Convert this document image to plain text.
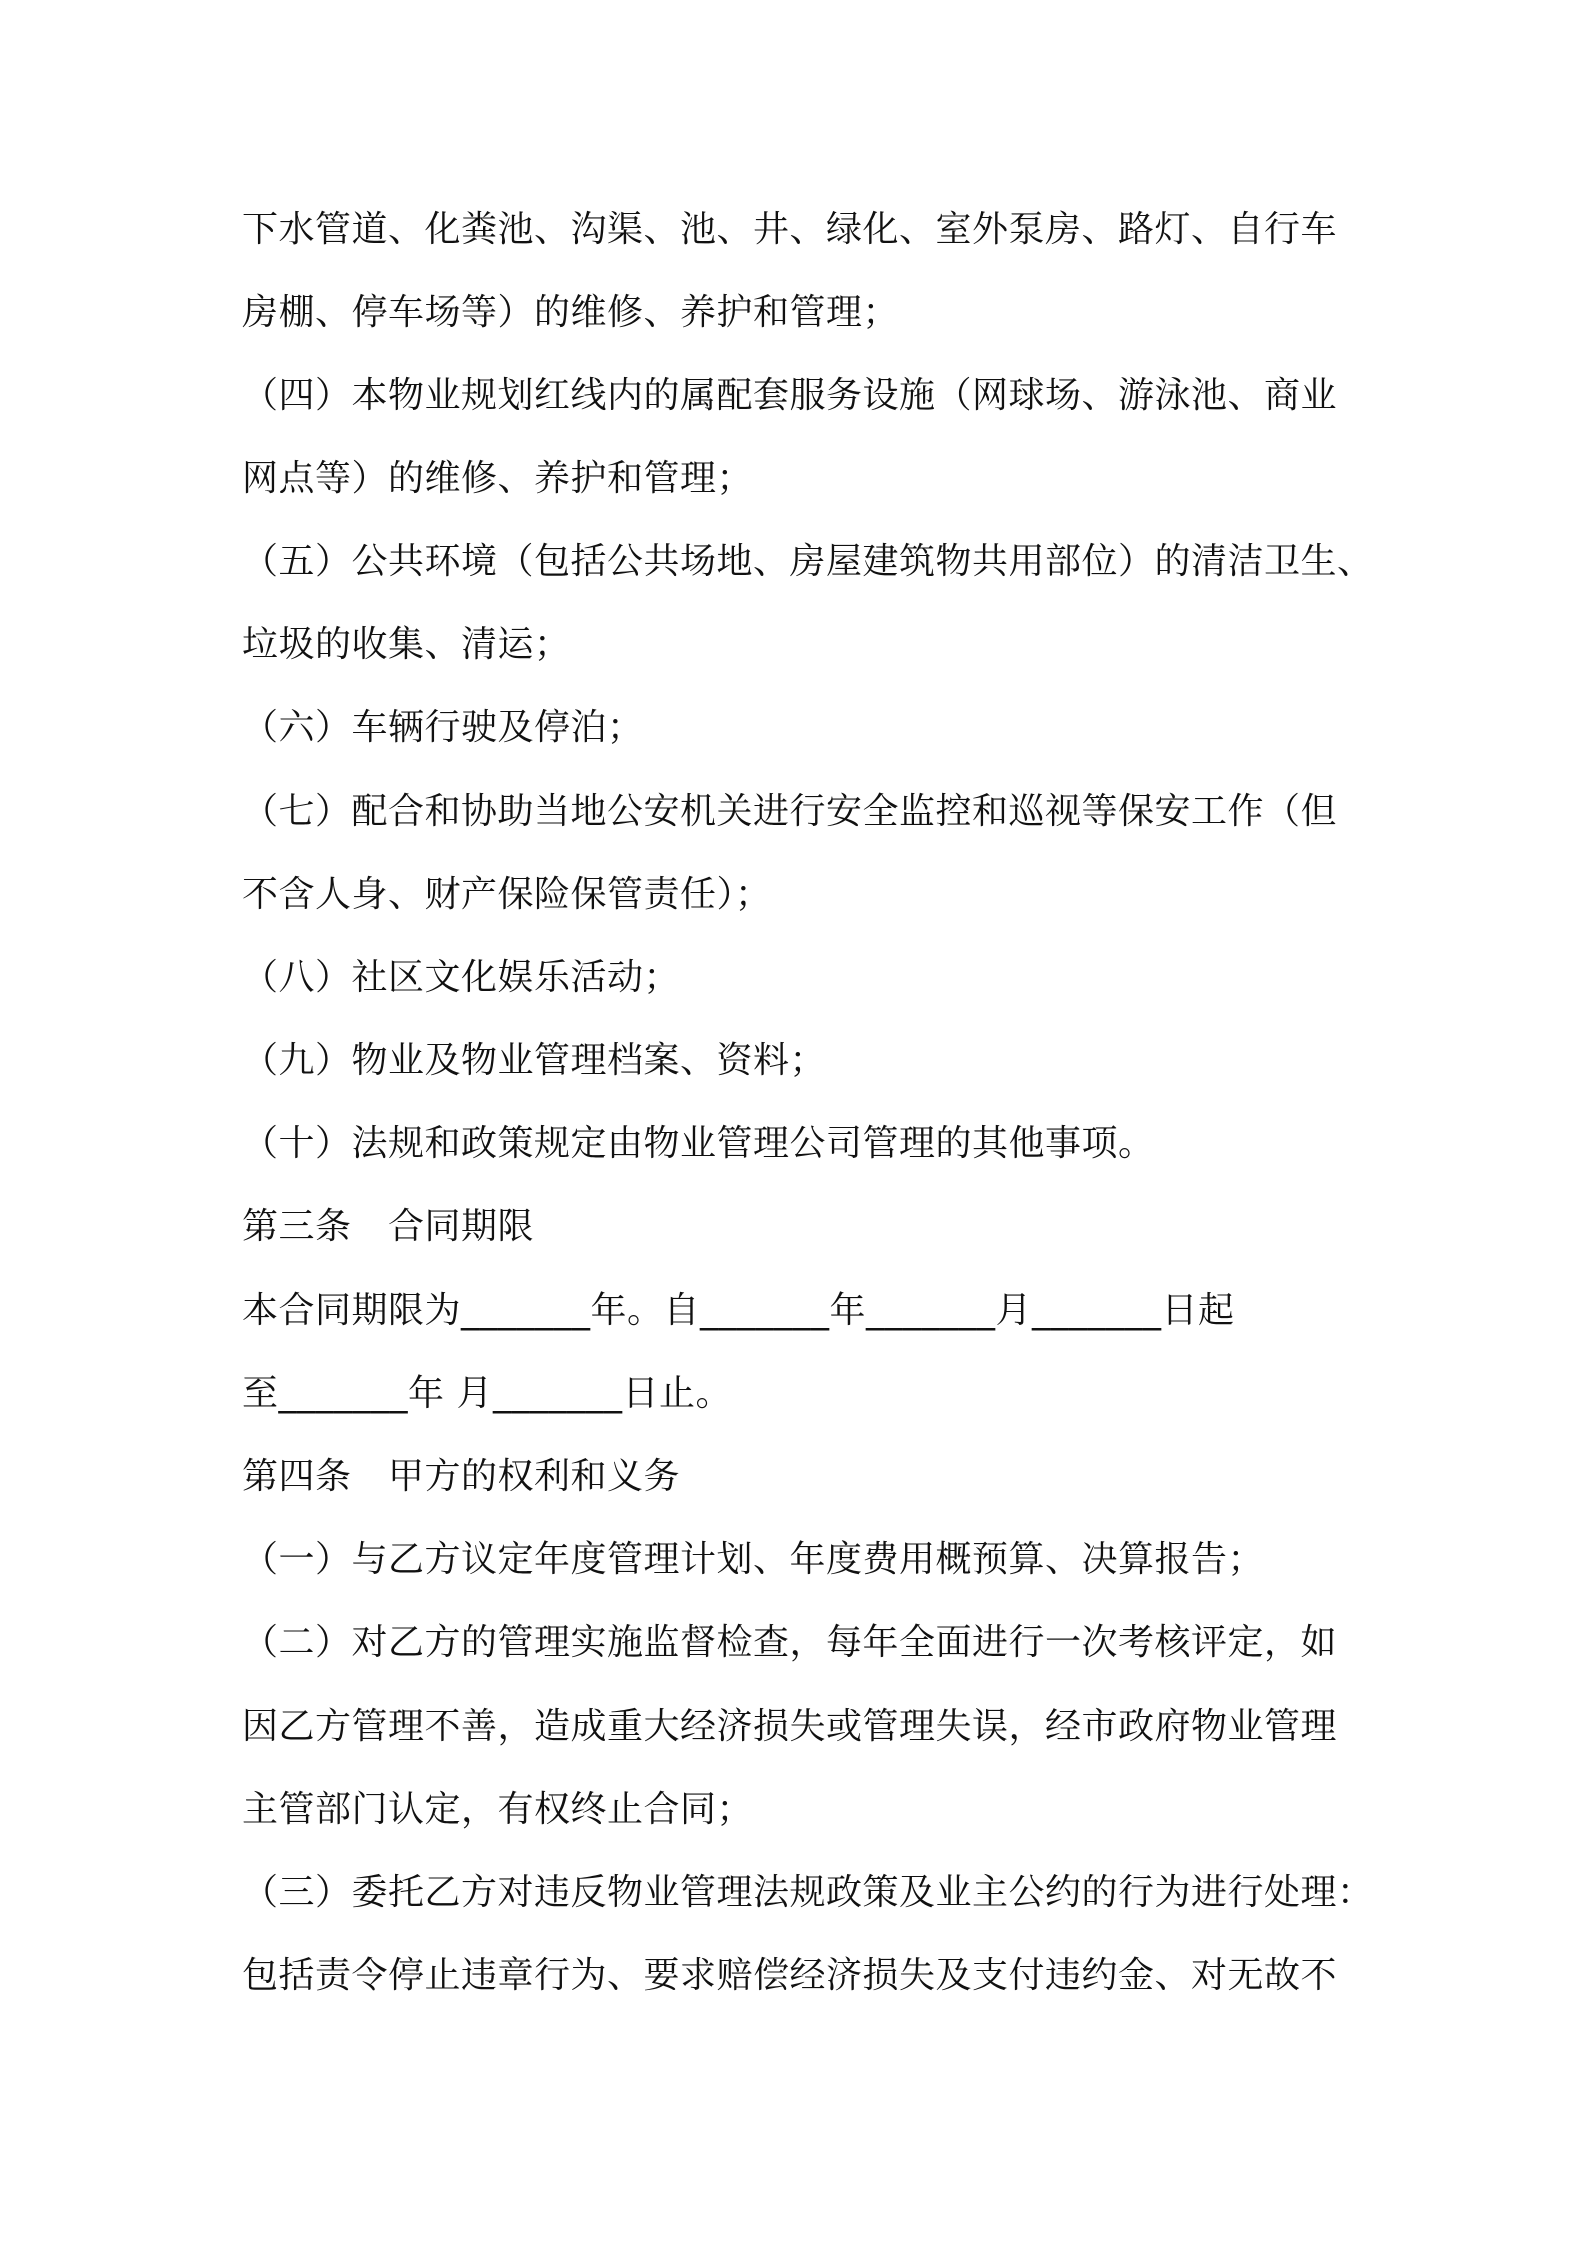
下水管道、化粪池、沟渠、池、井、绿化、室外泵房、路灯、自行车
房棚、停车场等）的维修、养护和管理；
（四）本物业规划红线内的属配套服务设施（网球场、游泳池、商业
网点等）的维修、养护和管理；
（五）公共环境（包括公共场地、房屋建筑物共用部位）的清洁卫生、
垃圾的收集、清运；
（六）车辆行驶及停泊；
（七）配合和协助当地公安机关进行安全监控和巡视等保安工作（但
不含人身、财产保险保管责任）；
（八）社区文化娱乐活动；
（九）物业及物业管理档案、资料；
（十）法规和政策规定由物业管理公司管理的其他事项。
第三条　合同期限
本合同期限为_______年。自_______年_______月_______日起
至_______年 月_______日止。
第四条　甲方的权利和义务
（一）与乙方议定年度管理计划、年度费用概预算、决算报告；
（二）对乙方的管理实施监督检查，每年全面进行一次考核评定，如
因乙方管理不善，造成重大经济损失或管理失误，经市政府物业管理
主管部门认定，有权终止合同；
（三）委托乙方对违反物业管理法规政策及业主公约的行为进行处理：
包括责令停止违章行为、要求赔偿经济损失及支付违约金、对无故不
